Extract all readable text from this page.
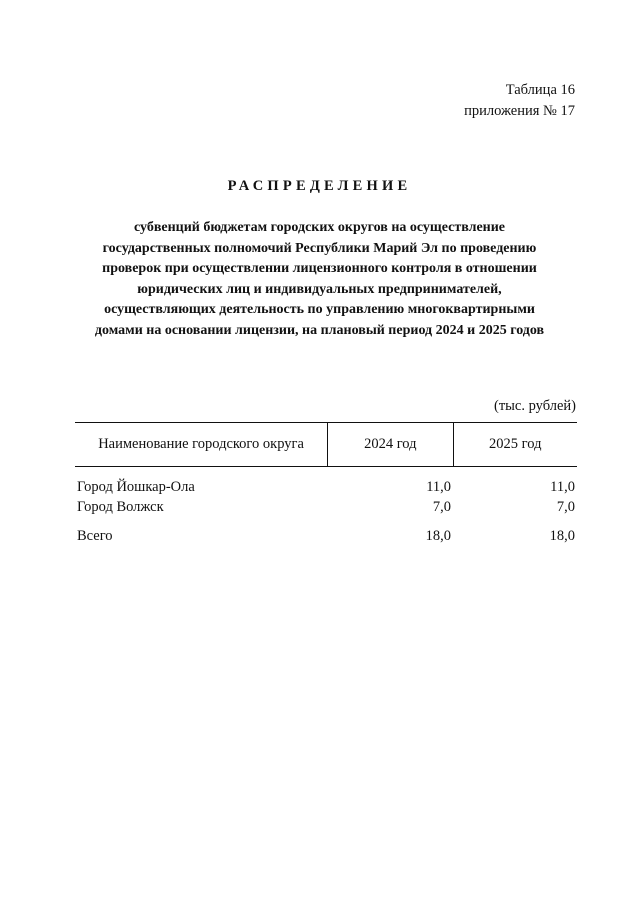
Таблица 16
приложения № 17
РАСПРЕДЕЛЕНИЕ
субвенций бюджетам городских округов на осуществление
государственных полномочий Республики Марий Эл по проведению
проверок при осуществлении лицензионного контроля в отношении
юридических лиц и индивидуальных предпринимателей,
осуществляющих деятельность по управлению многоквартирными
домами на основании лицензии, на плановый период 2024 и 2025 годов
(тыс. рублей)
Наименование городского округа	2024 год	2025 год
Город Йошкар-Ола	11,0	11,0
Город Волжск	7,0	7,0
Всего	18,0	18,0
